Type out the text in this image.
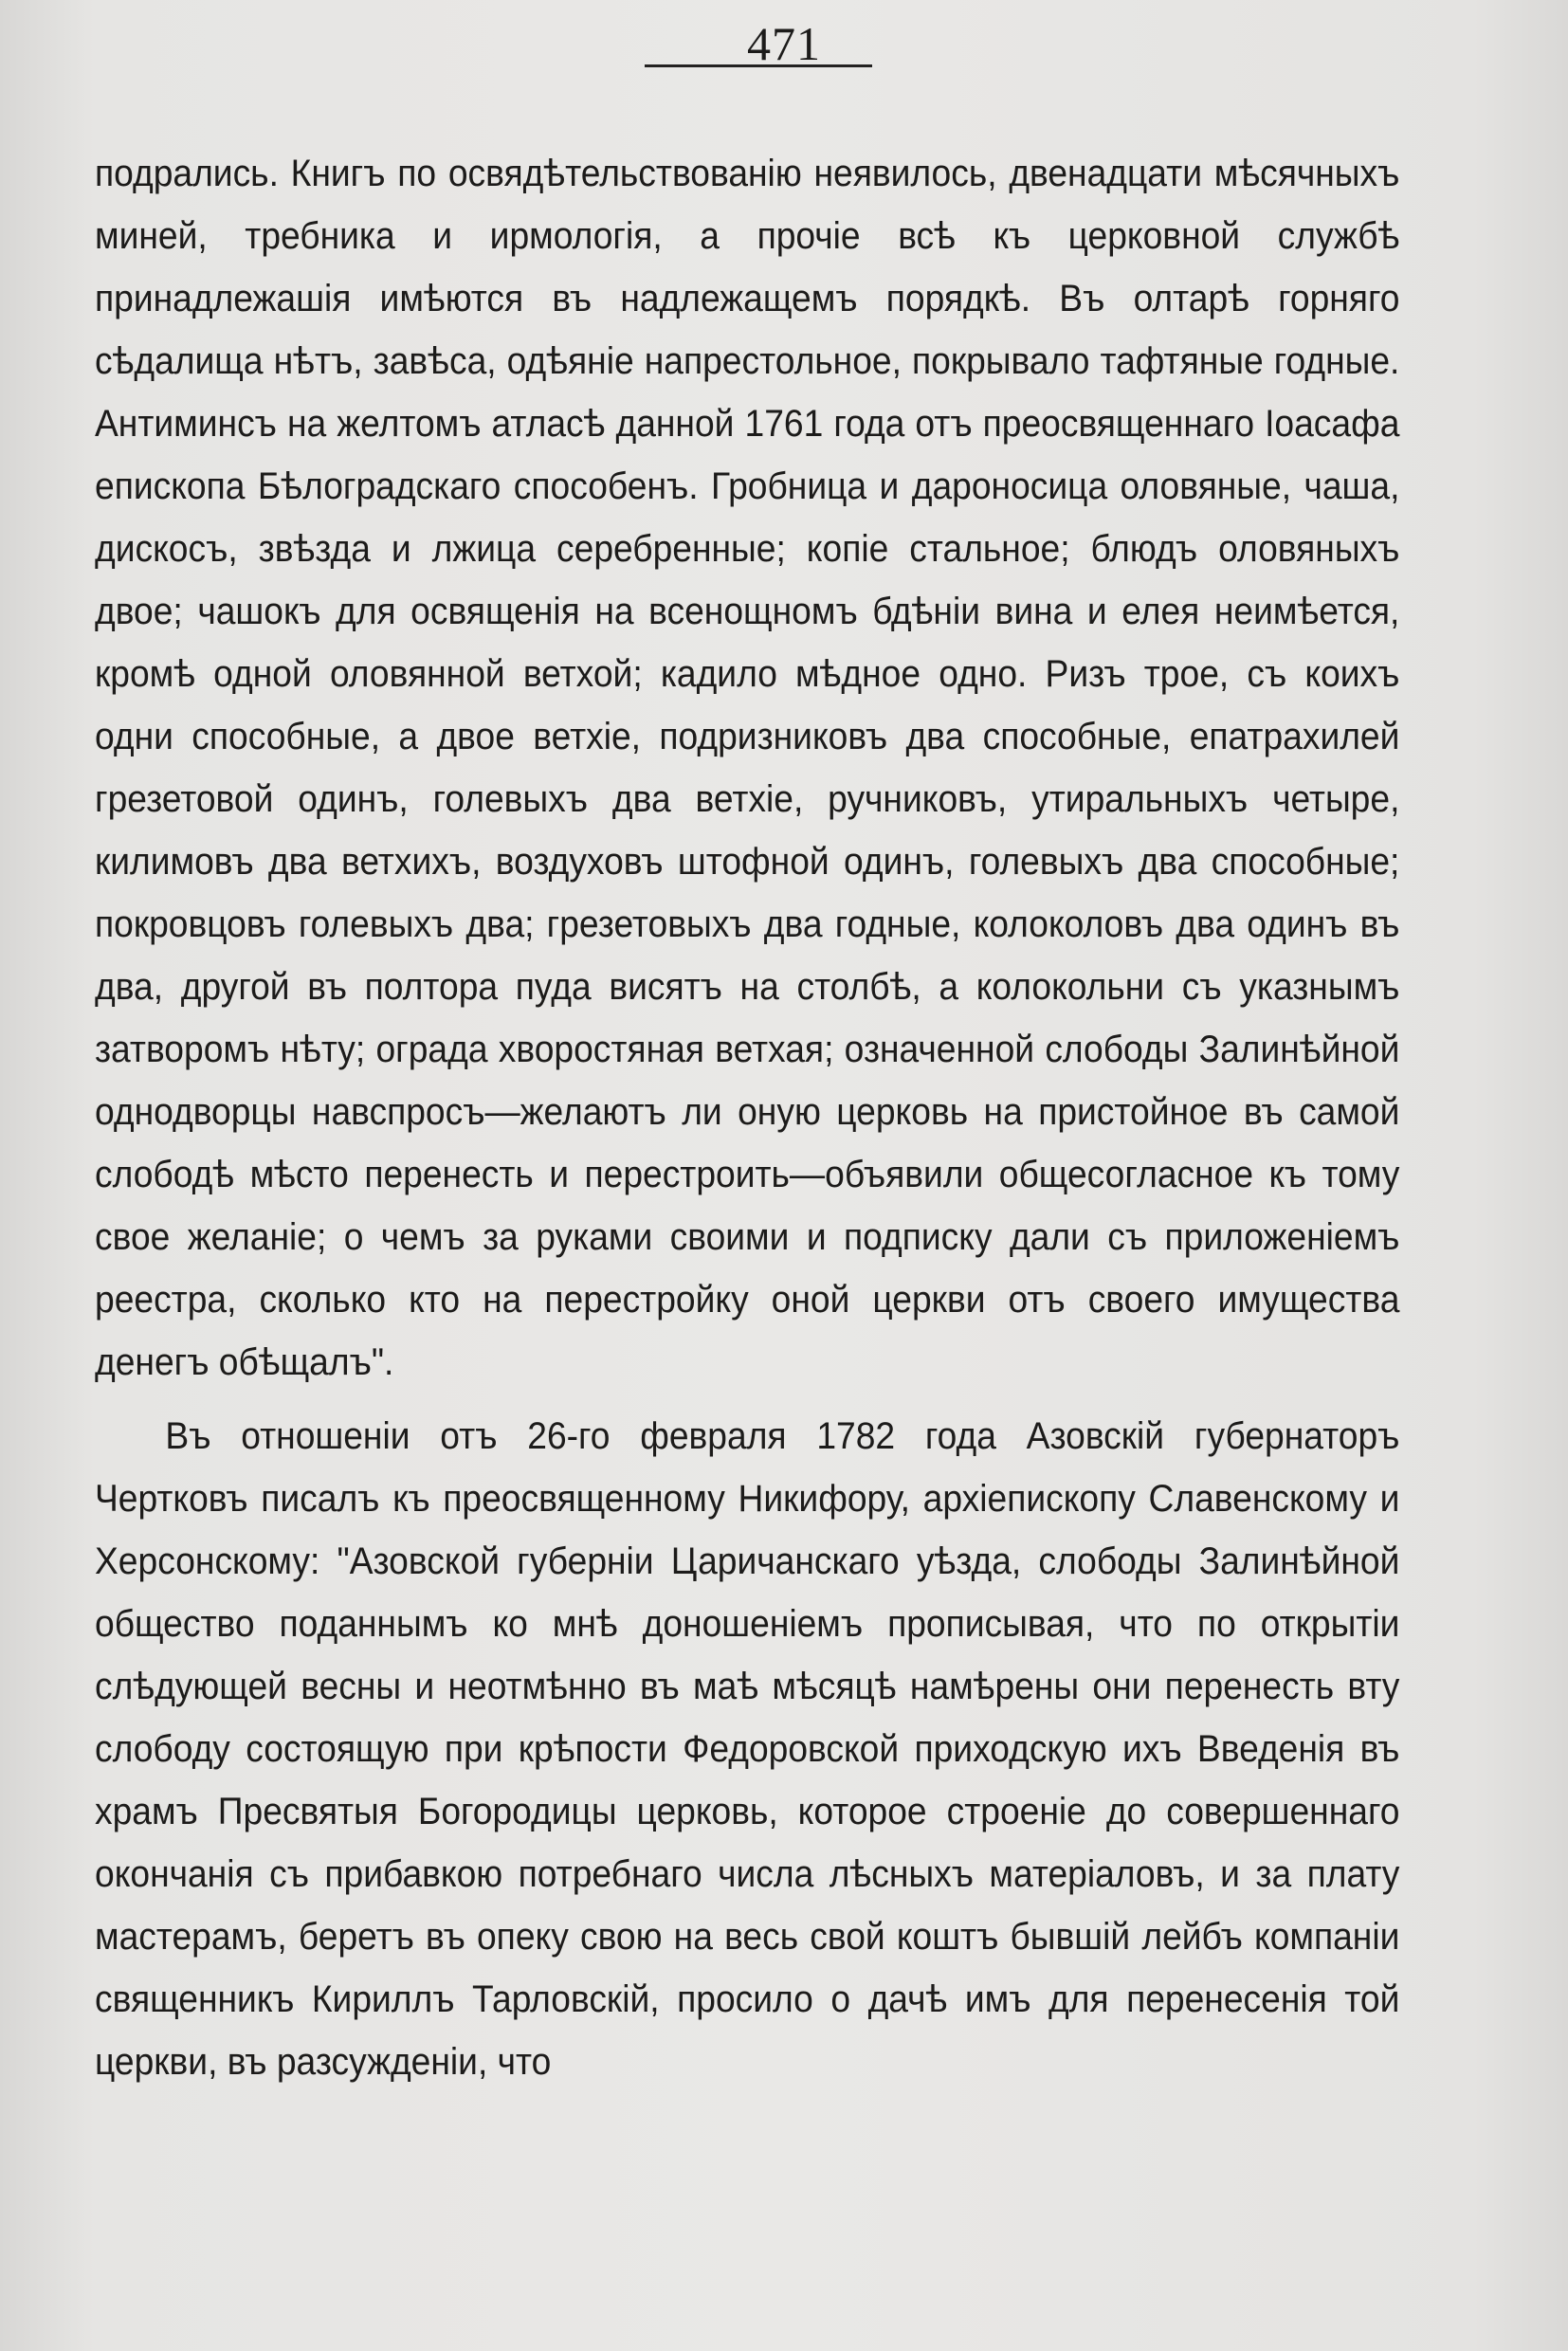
471

подрались. Книгъ по освядѣтельствованiю неявилось, двенадцати мѣсячныхъ миней, требника и ирмологiя, а прочiе всѣ къ церковной службѣ принадлежашiя имѣются въ надлежащемъ порядкѣ. Въ олтарѣ горняго сѣдалища нѣтъ, завѣса, одѣянiе напрестольное, покрывало тафтяные годные. Антиминсъ на желтомъ атласѣ данной 1761 года отъ преосвященнаго Iоасафа епископа Бѣлоградскаго способенъ. Гробница и дароносица оловяные, чаша, дискосъ, звѣзда и лжица серебренные; копiе стальное; блюдъ оловяныхъ двое; чашокъ для освященiя на всенощномъ бдѣнiи вина и елея неимѣется, кромѣ одной оловянной ветхой; кадило мѣдное одно. Ризъ трое, съ коихъ одни способные, а двое ветхiе, подризниковъ два способные, епатрахилей грезетовой одинъ, голевыхъ два ветхiе, ручниковъ, утиральныхъ четыре, килимовъ два ветхихъ, воздуховъ штофной одинъ, голевыхъ два способные; покровцовъ голевыхъ два; грезетовыхъ два годные, колоколовъ два одинъ въ два, другой въ полтора пуда висятъ на столбѣ, а колокольни съ указнымъ затворомъ нѣту; ограда хворостяная ветхая; означенной слободы Залинѣйной однодворцы навспросъ—желаютъ ли оную церковь на пристойное въ самой слободѣ мѣсто перенесть и перестроить—объявили общесогласное къ тому свое желанiе; о чемъ за руками своими и подписку дали съ приложенiемъ реестра, сколько кто на перестройку оной церкви отъ своего имущества денегъ обѣщалъ".

Въ отношенiи отъ 26-го февраля 1782 года Азовскiй губернаторъ Чертковъ писалъ къ преосвященному Никифору, архiепископу Славенскому и Херсонскому: "Азовской губернiи Царичанскаго уѣзда, слободы Залинѣйной общество поданнымъ ко мнѣ доношенiемъ прописывая, что по открытiи слѣдующей весны и неотмѣнно въ маѣ мѣсяцѣ намѣрены они перенесть вту слободу состоящую при крѣпости Федоровской приходскую ихъ Введенiя въ храмъ Пресвятыя Богородицы церковь, которое строенiе до совершеннаго окончанiя съ прибавкою потребнаго числа лѣсныхъ матерiаловъ, и за плату мастерамъ, беретъ въ опеку свою на весь свой коштъ бывшiй лейбъ компанiи священникъ Кириллъ Тарловскiй, просило о дачѣ имъ для перенесенiя той церкви, въ разсужденiи, что
